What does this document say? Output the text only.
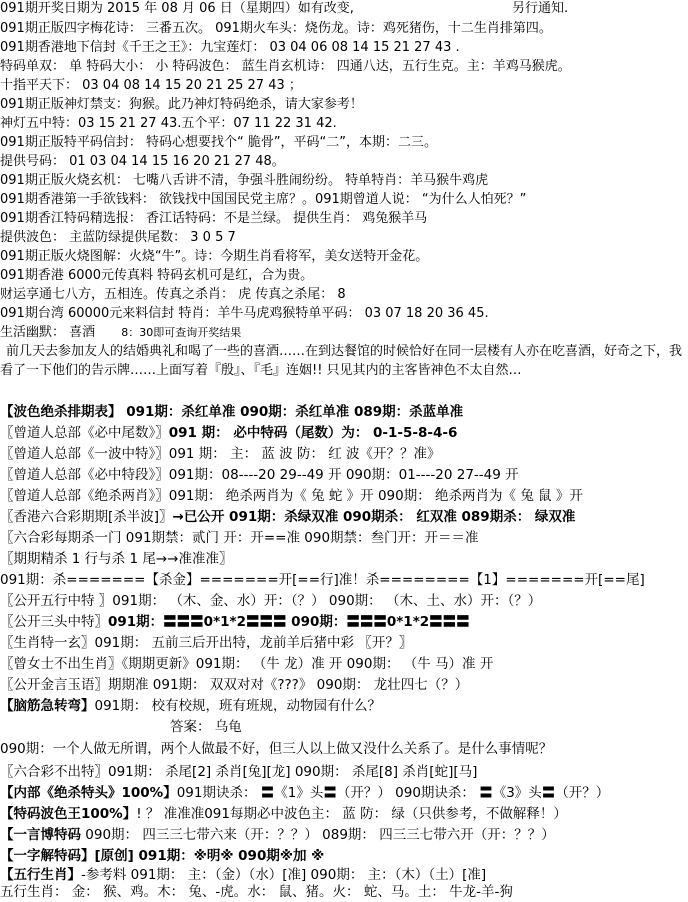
091期开奖日期为 2015 年 08 月 06 日（星期四）如有改变,	另行通知.
091期正版四字梅花诗： 三番五次。 091期火车头：烧伤龙。诗：鸡死猪伤，十二生肖排第四。
091期香港地下信封《千王之王》：九宝莲灯： 03 04 06 08 14 15 21 27 43 .
特码单双： 单 特码大小： 小 特码波色： 蓝生肖玄机诗： 四通八达，五行生克。主：羊鸡马猴虎。
十指平天下： 03 04 08 14 15 20 21 25 27 43 ；
091期正版神灯禁支：狗猴。此乃神灯特码绝杀，请大家参考！
神灯五中特：03 15 21 27 43.五个平：07 11 22 31 42.
091期正版特平码信封： 特码心想要找个“ 脆骨”，平码“二”，本期：二三。
提供号码： 01 03 04 14 15 16 20 21 27 48。
091期正版火烧玄机： 七嘴八舌讲不清，争强斗胜闹纷纷。 特单特肖：羊马猴牛鸡虎
091期香港第一手欲钱料： 欲钱找中国国民党主席？。091期曾道人说： “为什么人怕死？”
091期香江特码精选报： 香江话特码：不是兰绿。 提供生肖： 鸡兔猴羊马
提供波色： 主蓝防绿提供尾数： 3 0 5 7
091期正版火烧图解：火烧“牛”。诗：今期生肖看将军，美女送特开金花。
091期香港 6000元传真料 特码玄机可是红，合为贵。
财运享通七八方，五相连。传真之杀肖： 虎 传真之杀尾： 8
091期台湾 60000元来料信封 特肖：羊牛马虎鸡猴特单平码： 03 07 18 20 36 45.
生活幽默： 喜酒 8：30即可查询开奖结果
前几天去参加友人的结婚典礼和喝了一些的喜酒……在到达餐馆的时候恰好在同一层楼有人亦在吃喜酒，好奇之下，我看了一下他们的告示牌……上面写着『殷』、『毛』连姻!! 只见其内的主客皆神色不太自然…
【波色绝杀排期表】 091期：杀红单准 090期：杀红单准 089期：杀蓝单准
〖曾道人总部《必中尾数》〗091 期： 必中特码（尾数）为： 0-1-5-8-4-6
〖曾道人总部《一波中特》〗091 期： 主： 蓝 波 防： 红 波《开？？准》
〖曾道人总部《必中特段》〗091期：08----20 29--49 开 090期：01----20 27--49 开
〖曾道人总部《绝杀两肖》〗091期： 绝杀两肖为《 兔 蛇 》开 090期： 绝杀两肖为《 兔 鼠 》开
〖香港六合彩期期[杀半波]〗→已公开 091期：杀绿双准 090期杀： 红双准 089期杀： 绿双准
〖六合彩每期杀一门 091期禁：贰门 开：开==准 090期禁：叁门开：开＝＝准
〖期期精杀 1 行与杀 1 尾→→准准准〗
091期：杀=======【杀金】=======开[==行]准！杀========【1】=======开[==尾]
〖公开五行中特 〗091期： （木、金、水）开：（？） 090期： （木、土、水）开：（？）
〖公开三头中特〗091期：〓〓〓0*1*2〓〓〓 090期：〓〓〓0*1*2〓〓〓
〖生肖特一玄〗091期： 五前三后开出特，龙前羊后猪中彩 〖开？〗
〖曾女士不出生肖〗《期期更新》091期： （牛 龙）准 开 090期： （牛 马）准 开
〖公开金言玉语〗期期准 091期： 双双对对《???》 090期： 龙壮四七（？）
【脑筋急转弯】091期： 校有校规，班有班规，动物园有什么？
答案： 乌龟
090期：一个人做无所谓，两个人做最不好，但三人以上做又没什么关系了。是什么事情呢？
〖六合彩不出特〗091期： 杀尾[2] 杀肖[兔][龙] 090期： 杀尾[8] 杀肖[蛇][马]
【内部《绝杀特头》100%】091期诀杀： 〓《1》头〓（开？） 090期诀杀： 〓《3》头〓（开？）
【特码波色王100%】! ？ 准准准091每期必中波色主： 蓝 防： 绿（只供参考，不做解释！）
【一言博特码 090期： 四三三七带六来（开：？？） 089期： 四三三七带六开（开：？？）
【一字解特码】[原创] 091期：※明※ 090期※加 ※
【五行生肖】-参考料 091期： 主：（金）（水）[准] 090期： 主：（木）（土）[准]
五行生肖： 金： 猴、鸡。木： 兔、-虎。水： 鼠、猪。火： 蛇、马。土： 牛龙-羊-狗
